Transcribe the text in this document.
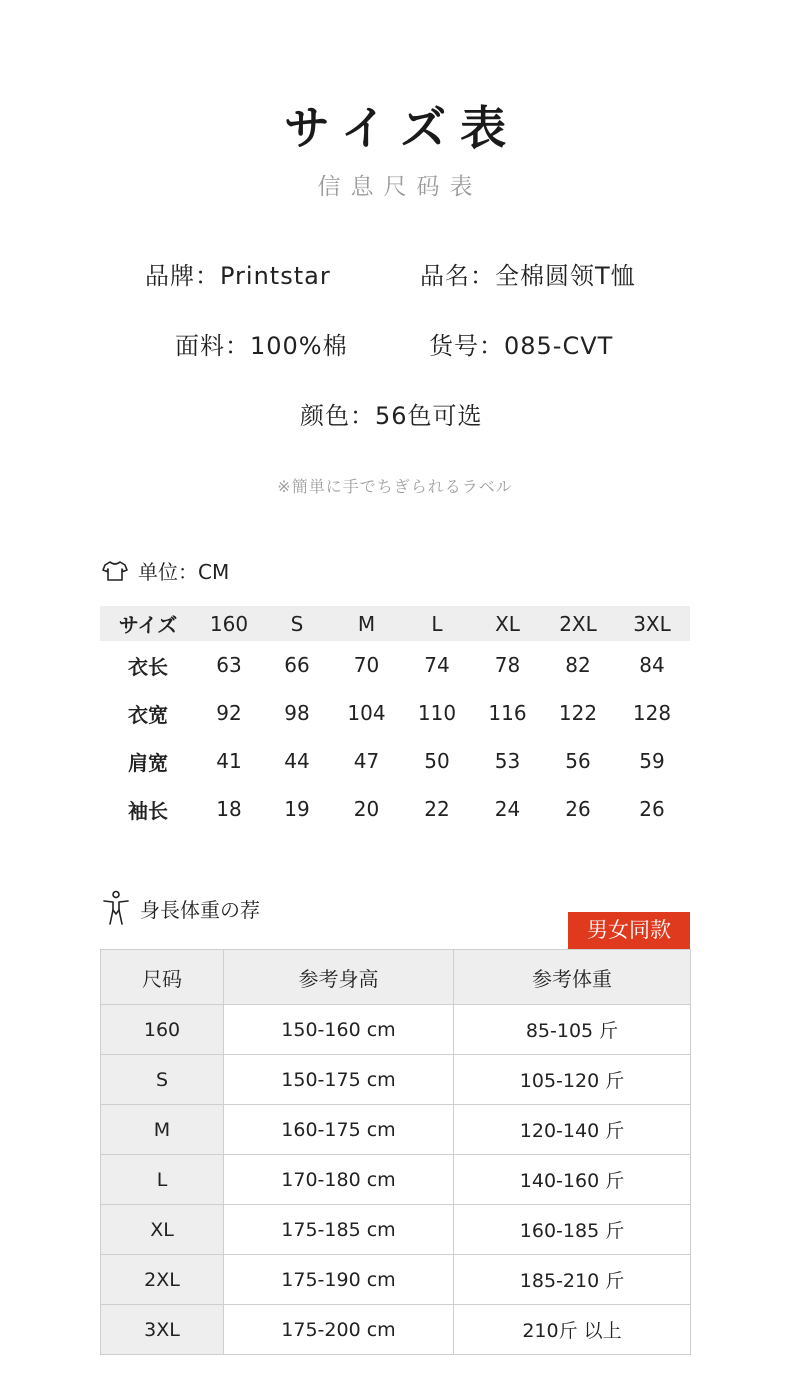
サイズ表
信息尺码表
品牌：Printstar	品名：全棉圆领T恤
面料：100%棉	货号：085-CVT
颜色：56色可选
※簡単に手でちぎられるラベル
单位：CM
サイズ	160	S	M	L	XL	2XL	3XL
衣长	63	66	70	74	78	82	84
衣宽	92	98	104	110	116	122	128
肩宽	41	44	47	50	53	56	59
袖长	18	19	20	22	24	26	26
身長体重の荐
男女同款
尺码	参考身高	参考体重
160	150-160 cm	85-105 斤
S	150-175 cm	105-120 斤
M	160-175 cm	120-140 斤
L	170-180 cm	140-160 斤
XL	175-185 cm	160-185 斤
2XL	175-190 cm	185-210 斤
3XL	175-200 cm	210斤 以上
